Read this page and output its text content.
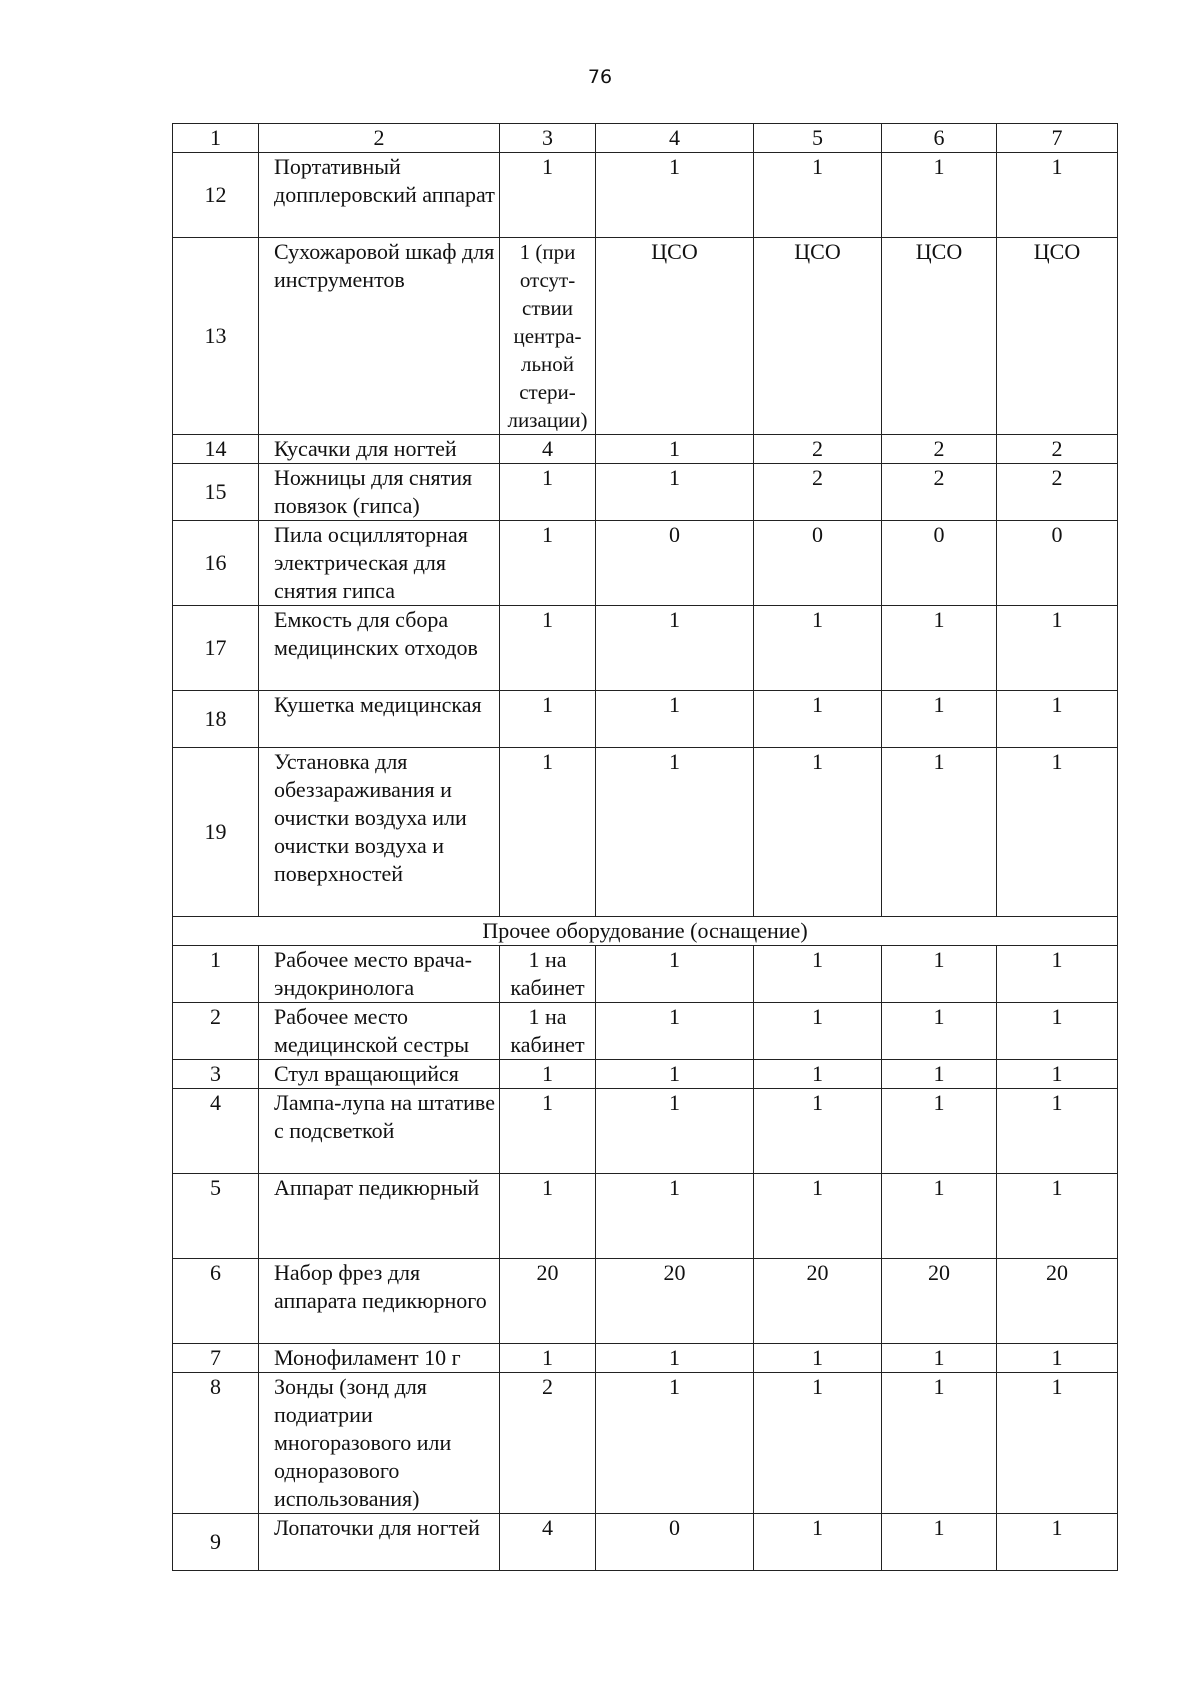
76
1	2	3	4	5	6	7
12	Портативный допплеровский аппарат	1	1	1	1	1
13	Сухожаровой шкаф для инструментов	1 (при отсут-ствии центра-льной стери-лизации)	ЦСО	ЦСО	ЦСО	ЦСО
14	Кусачки для ногтей	4	1	2	2	2
15	Ножницы для снятия повязок (гипса)	1	1	2	2	2
16	Пила осцилляторная электрическая для снятия гипса	1	0	0	0	0
17	Емкость для сбора медицинских отходов	1	1	1	1	1
18	Кушетка медицинская	1	1	1	1	1
19	Установка для обеззараживания и очистки воздуха или очистки воздуха и поверхностей	1	1	1	1	1
Прочее оборудование (оснащение)						
1	Рабочее место врача-эндокринолога	1 на кабинет	1	1	1	1
2	Рабочее место медицинской сестры	1 на кабинет	1	1	1	1
3	Стул вращающийся	1	1	1	1	1
4	Лампа-лупа на штативе с подсветкой	1	1	1	1	1
5	Аппарат педикюрный	1	1	1	1	1
6	Набор фрез для аппарата педикюрного	20	20	20	20	20
7	Монофиламент 10 г	1	1	1	1	1
8	Зонды (зонд для подиатрии многоразового или одноразового использования)	2	1	1	1	1
9	Лопаточки для ногтей	4	0	1	1	1
